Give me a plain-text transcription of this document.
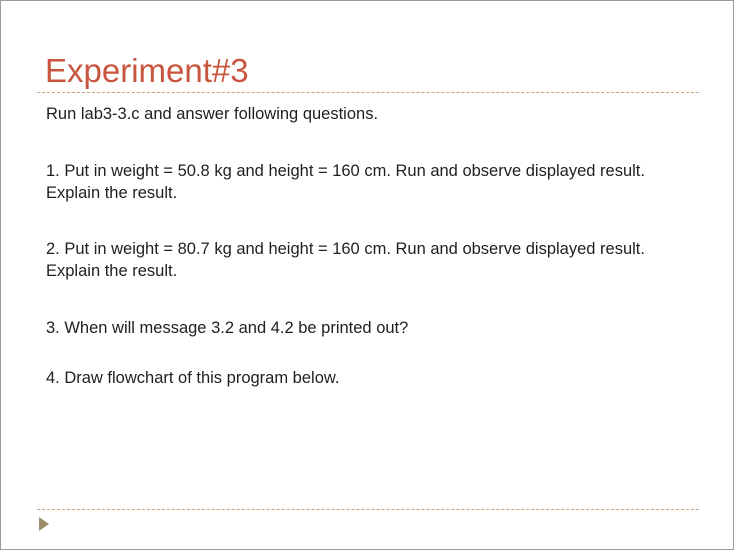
Experiment#3
Run lab3-3.c and answer following questions.
1. Put in weight = 50.8 kg and height = 160 cm. Run and observe displayed result. Explain the result.
2. Put in weight = 80.7 kg and height = 160 cm. Run and observe displayed result. Explain the result.
3. When will message 3.2 and 4.2 be printed out?
4. Draw flowchart of this program below.
